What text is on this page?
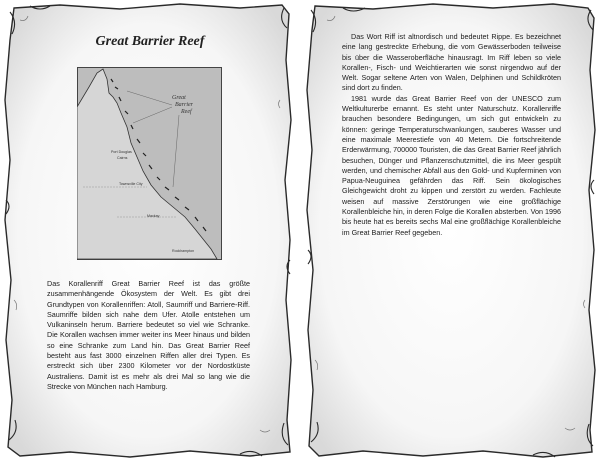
Great Barrier Reef
Great
Barrier
Reef
Port Douglas
Cairns
Townsville City
Mackay
Rockhampton

Das Korallenriff Great Barrier Reef ist das größte zusammenhängende Ökosystem der Welt. Es gibt drei Grundtypen von Korallenriffen: Atoll, Saumriff und Barriere-Riff. Saumriffe bilden sich nahe dem Ufer. Atolle entstehen um Vulkaninseln herum. Barriere bedeutet so viel wie Schranke. Die Korallen wachsen immer weiter ins Meer hinaus und bilden so eine Schranke zum Land hin. Das Great Barrier Reef besteht aus fast 3000 einzelnen Riffen aller drei Typen. Es erstreckt sich über 2300 Kilometer vor der Nordostküste Australiens. Damit ist es mehr als drei Mal so lang wie die Strecke von München nach Hamburg.

Das Wort Riff ist altnordisch und bedeutet Rippe. Es bezeichnet eine lang gestreckte Erhebung, die vom Gewässerboden teilweise bis über die Wasseroberfläche hinausragt. Im Riff leben so viele Korallen-, Fisch- und Weichtierarten wie sonst nirgendwo auf der Welt. Sogar seltene Arten von Walen, Delphinen und Schildkröten sind dort zu finden.

1981 wurde das Great Barrier Reef von der UNESCO zum Weltkulturerbe ernannt. Es steht unter Naturschutz. Korallenriffe brauchen besondere Bedingungen, um sich gut entwickeln zu können: geringe Temperaturschwankungen, sauberes Wasser und eine maximale Meerestiefe von 40 Metern. Die fortschreitende Erderwärmung, 700000 Touristen, die das Great Barrier Reef jährlich besuchen, Dünger und Pflanzenschutzmittel, die ins Meer gespült werden, und chemischer Abfall aus den Gold- und Kupferminen von Papua-Neuguinea gefährden das Riff. Sein ökologisches Gleichgewicht droht zu kippen und zerstört zu werden. Fachleute weisen auf massive Zerstörungen wie eine großflächige Korallenbleiche hin, in deren Folge die Korallen absterben. Von 1996 bis heute hat es bereits sechs Mal eine großflächige Korallenbleiche im Great Barrier Reef gegeben.
